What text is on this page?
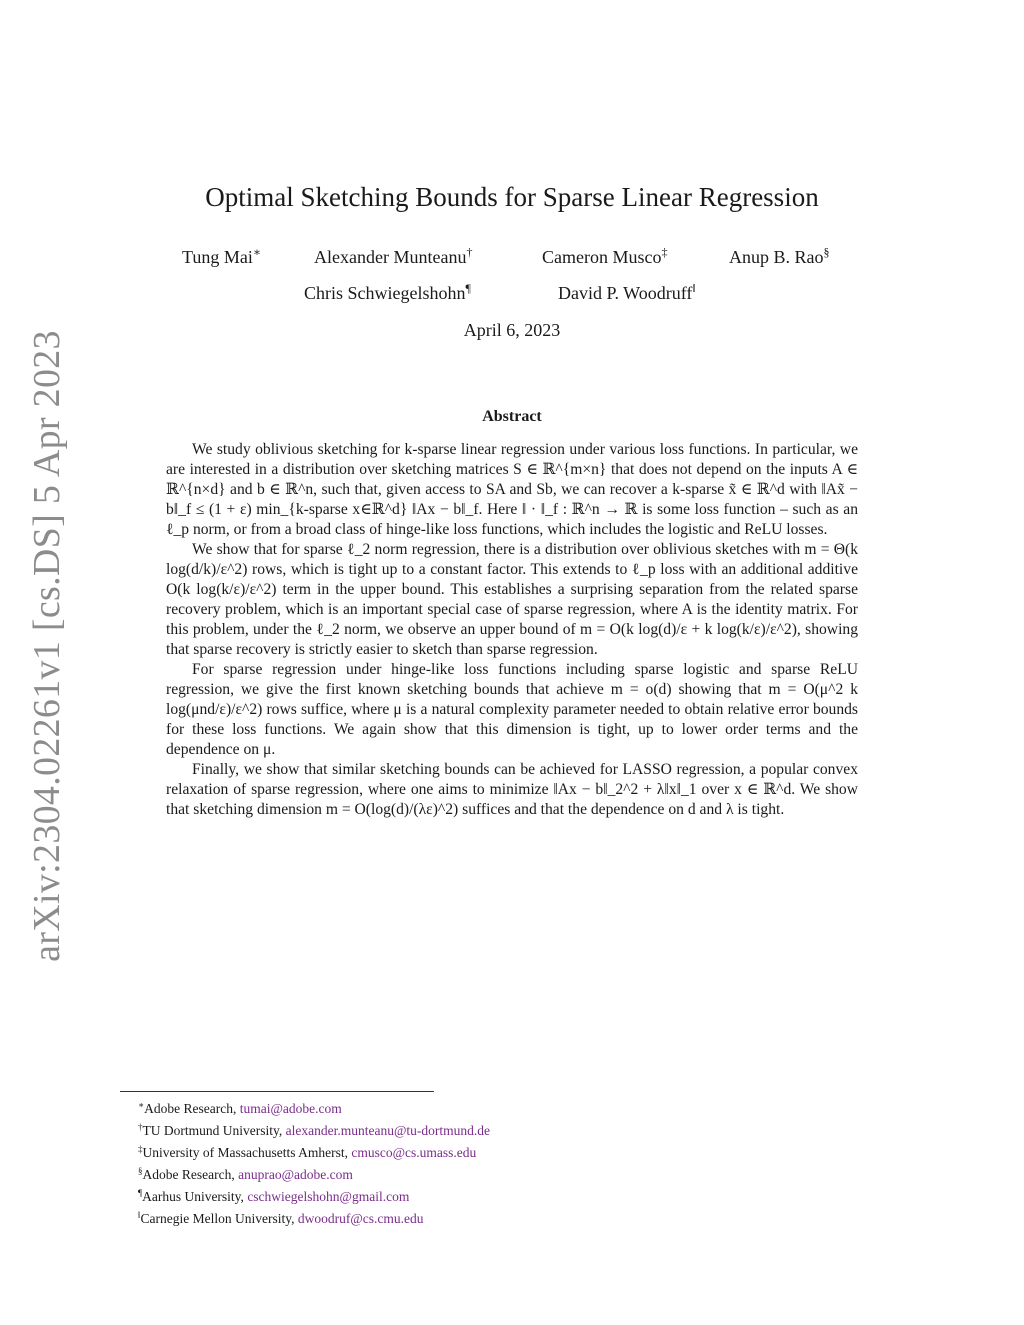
arXiv:2304.02261v1 [cs.DS] 5 Apr 2023
Optimal Sketching Bounds for Sparse Linear Regression
Tung Mai∗	Alexander Munteanu†	Cameron Musco‡	Anup B. Rao§
Chris Schwiegelshohn¶	David P. Woodruff‖
April 6, 2023
Abstract

We study oblivious sketching for k-sparse linear regression under various loss functions. In particular, we are interested in a distribution over sketching matrices S ∈ ℝ^{m×n} that does not depend on the inputs A ∈ ℝ^{n×d} and b ∈ ℝ^n, such that, given access to SA and Sb, we can recover a k-sparse x̃ ∈ ℝ^d with ‖Ax̃ − b‖_f ≤ (1 + ε) min_{k-sparse x∈ℝ^d} ‖Ax − b‖_f. Here ‖ · ‖_f : ℝ^n → ℝ is some loss function – such as an ℓ_p norm, or from a broad class of hinge-like loss functions, which includes the logistic and ReLU losses.

We show that for sparse ℓ_2 norm regression, there is a distribution over oblivious sketches with m = Θ(k log(d/k)/ε^2) rows, which is tight up to a constant factor. This extends to ℓ_p loss with an additional additive O(k log(k/ε)/ε^2) term in the upper bound. This establishes a surprising separation from the related sparse recovery problem, which is an important special case of sparse regression, where A is the identity matrix. For this problem, under the ℓ_2 norm, we observe an upper bound of m = O(k log(d)/ε + k log(k/ε)/ε^2), showing that sparse recovery is strictly easier to sketch than sparse regression.

For sparse regression under hinge-like loss functions including sparse logistic and sparse ReLU regression, we give the first known sketching bounds that achieve m = o(d) showing that m = O(μ^2 k log(μnd/ε)/ε^2) rows suffice, where μ is a natural complexity parameter needed to obtain relative error bounds for these loss functions. We again show that this dimension is tight, up to lower order terms and the dependence on μ.

Finally, we show that similar sketching bounds can be achieved for LASSO regression, a popular convex relaxation of sparse regression, where one aims to minimize ‖Ax − b‖_2^2 + λ‖x‖_1 over x ∈ ℝ^d. We show that sketching dimension m = O(log(d)/(λε)^2) suffices and that the dependence on d and λ is tight.

∗Adobe Research, tumai@adobe.com
†TU Dortmund University, alexander.munteanu@tu-dortmund.de
‡University of Massachusetts Amherst, cmusco@cs.umass.edu
§Adobe Research, anuprao@adobe.com
¶Aarhus University, cschwiegelshohn@gmail.com
‖Carnegie Mellon University, dwoodruf@cs.cmu.edu
